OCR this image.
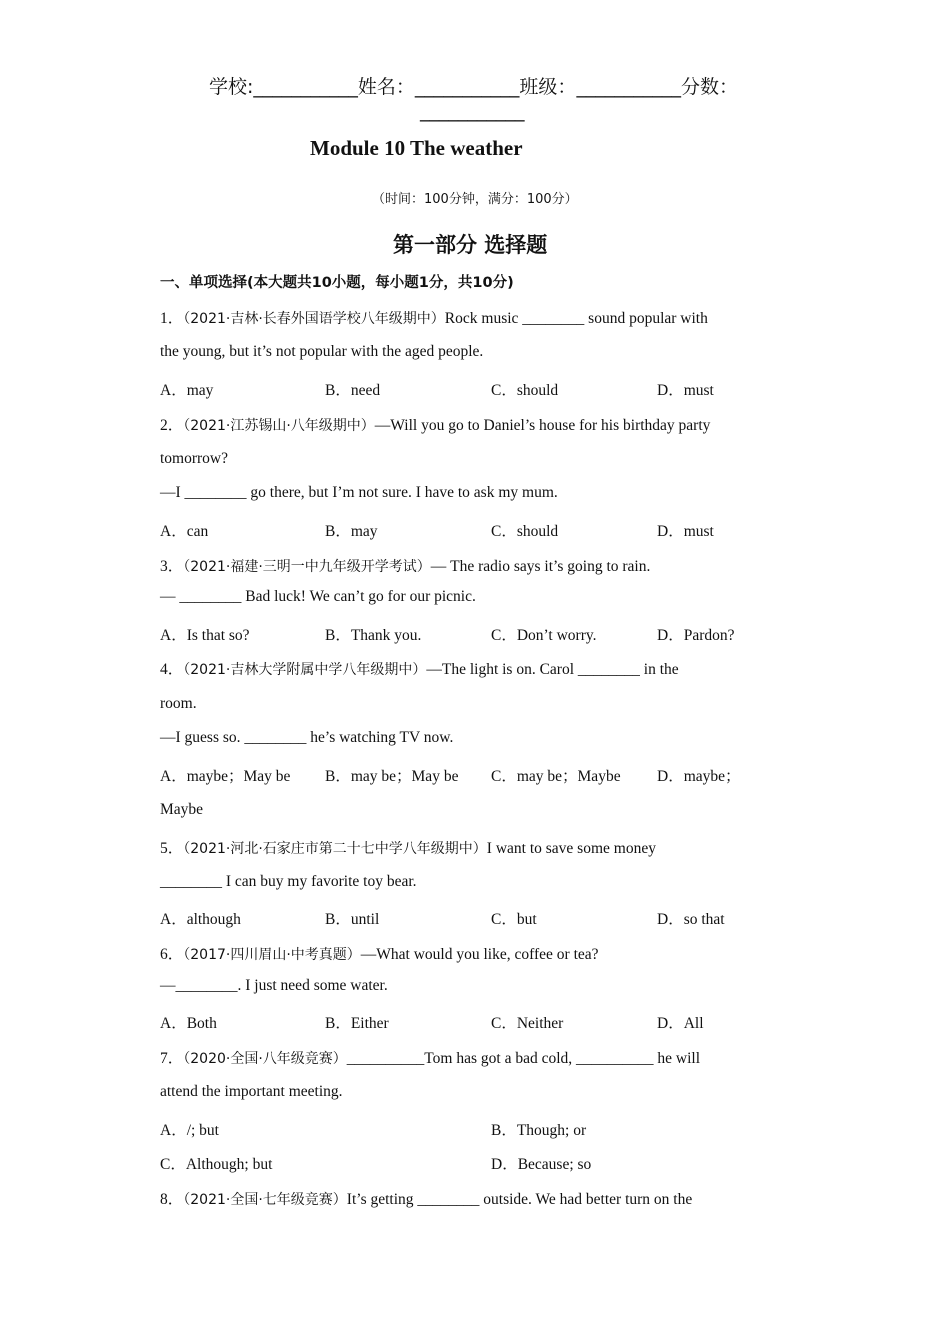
学校:___________姓名：___________班级：___________分数：
___________
Module 10 The weather
（时间：100分钟，满分：100分）
第一部分 选择题
一、单项选择(本大题共10小题，每小题1分，共10分)
1．（2021·吉林·长春外国语学校八年级期中）Rock music ________ sound popular with
the young, but it’s not popular with the aged people.
A．may	B．need	C．should	D．must
2．（2021·江苏锡山·八年级期中）—Will you go to Daniel’s house for his birthday party
tomorrow?
—I ________ go there, but I’m not sure. I have to ask my mum.
A．can	B．may	C．should	D．must
3．（2021·福建·三明一中九年级开学考试）— The radio says it’s going to rain.
— ________ Bad luck! We can’t go for our picnic.
A．Is that so?	B．Thank you.	C．Don’t worry.	D．Pardon?
4．（2021·吉林大学附属中学八年级期中）—The light is on. Carol ________ in the
room.
—I guess so. ________ he’s watching TV now.
A．maybe；May be B．may be；May be C．may be；Maybe D．maybe；
Maybe
5．（2021·河北·石家庄市第二十七中学八年级期中）I want to save some money
________ I can buy my favorite toy bear.
A．although	B．until	C．but	D．so that
6．（2017·四川眉山·中考真题）—What would you like, coffee or tea?
—________. I just need some water.
A．Both	B．Either	C．Neither	D．All
7．（2020·全国·八年级竞赛）__________Tom has got a bad cold, __________ he will
attend the important meeting.
A．/; but	B．Though; or
C．Although; but	D．Because; so
8．（2021·全国·七年级竞赛）It’s getting ________ outside. We had better turn on the
